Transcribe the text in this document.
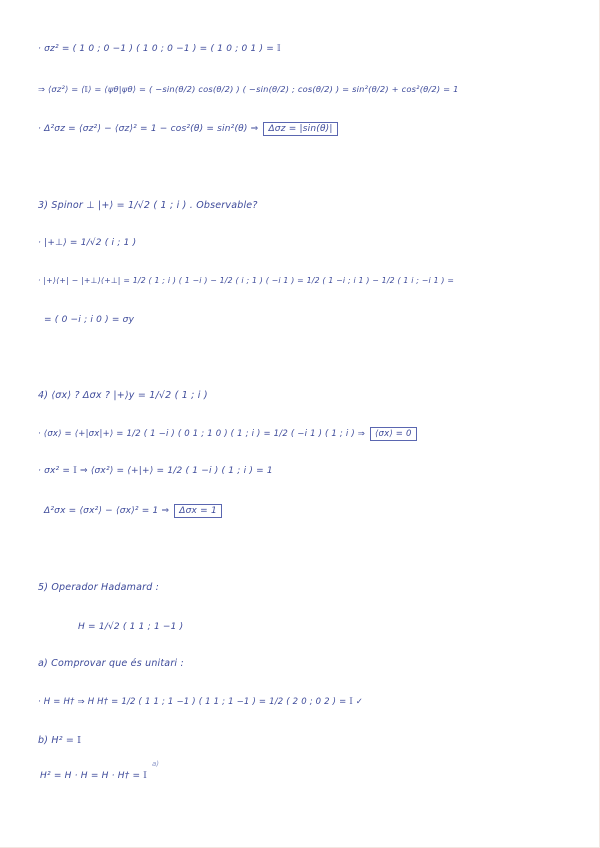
· σz² = ( 1 0 ; 0 −1 ) ( 1 0 ; 0 −1 ) = ( 1 0 ; 0 1 ) = 𝕀
⇒ ⟨σz²⟩ = ⟨𝕀⟩ = ⟨ψθ|ψθ⟩ = ( −sin(θ/2) cos(θ/2) ) ( −sin(θ/2) ; cos(θ/2) ) = sin²(θ/2) + cos²(θ/2) = 1
· Δ²σz = ⟨σz²⟩ − ⟨σz⟩² = 1 − cos²(θ) = sin²(θ) ⇒ Δσz = |sin(θ)|
3) Spinor ⊥ |+⟩ = 1/√2 ( 1 ; i ) . Observable?
· |+⊥⟩ = 1/√2 ( i ; 1 )
· |+⟩⟨+| − |+⊥⟩⟨+⊥| = 1/2 ( 1 ; i ) ( 1 −i ) − 1/2 ( i ; 1 ) ( −i 1 ) = 1/2 ( 1 −i ; i 1 ) − 1/2 ( 1 i ; −i 1 ) =
= ( 0 −i ; i 0 ) = σy
4) ⟨σx⟩ ? Δσx ? |+⟩y = 1/√2 ( 1 ; i )
· ⟨σx⟩ = ⟨+|σx|+⟩ = 1/2 ( 1 −i ) ( 0 1 ; 1 0 ) ( 1 ; i ) = 1/2 ( −i 1 ) ( 1 ; i ) ⇒ ⟨σx⟩ = 0
· σx² = 𝕀 ⇒ ⟨σx²⟩ = ⟨+|+⟩ = 1/2 ( 1 −i ) ( 1 ; i ) = 1
Δ²σx = ⟨σx²⟩ − ⟨σx⟩² = 1 ⇒ Δσx = 1
5) Operador Hadamard :
H = 1/√2 ( 1 1 ; 1 −1 )
a) Comprovar que és unitari :
· H = H† ⇒ H H† = 1/2 ( 1 1 ; 1 −1 ) ( 1 1 ; 1 −1 ) = 1/2 ( 2 0 ; 0 2 ) = 𝕀 ✓
b) H² = 𝕀
H² = H · H = H · H† = 𝕀
a)
